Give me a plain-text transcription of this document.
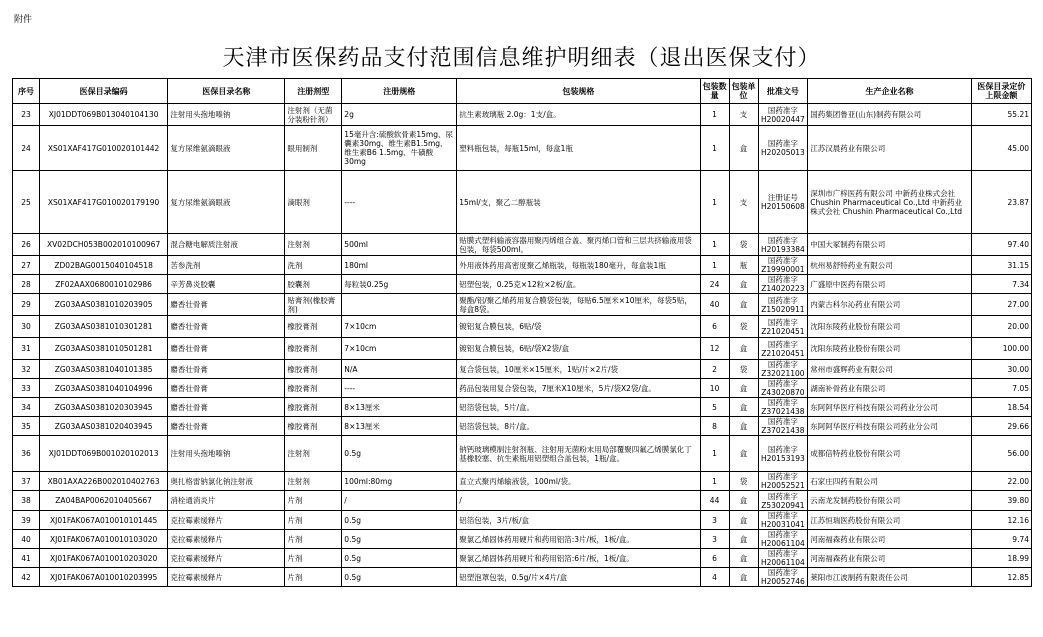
附件
天津市医保药品支付范围信息维护明细表（退出医保支付）
序号	医保目录编码	医保目录名称	注册剂型	注册规格	包装规格	包装数量	包装单位	批准文号	生产企业名称	医保目录定价上限金额
23	XJ01DDT069B013040104130	注射用头孢地嗪钠	注射剂（无菌分装粉针剂）	2g	抗生素玻璃瓶 2.0g：1支/盒。	1	支	国药准字H20020447	国药集团鲁亚(山东)制药有限公司	55.21
24	XS01XAF417G010020101442	复方尿维氨滴眼液	眼用制剂	15毫升含:硫酸软骨素15mg、尿囊素30mg、维生素B1.5mg、维生素B6 1.5mg、牛磺酸30mg	塑料瓶包装，每瓶15ml，每盒1瓶	1	盒	国药准字H20205013	江苏汉晨药业有限公司	45.00
25	XS01XAF417G010020179190	复方尿维氨滴眼液	滴眼剂	----	15ml/支，聚乙二醇瓶装	1	支	注册证号H20150608	深圳市广梓医药有限公司 中新药业株式会社 Chushin Pharmaceutical Co.,Ltd 中新药业株式会社 Chushin Pharmaceutical Co.,Ltd	23.87
26	XV02DCH053B002010100967	混合糖电解质注射液	注射剂	500ml	贴膜式塑料输液容器用聚丙烯组合盖、聚丙烯口管和三层共挤输液用袋包装，每袋500ml。	1	袋	国药准字H20193384	中国大冢制药有限公司	97.40
27	ZD02BAG0015040104518	苦参洗剂	洗剂	180ml	外用液体药用高密度聚乙烯瓶装，每瓶装180毫升，每盒装1瓶	1	瓶	国药准字Z19990001	杭州易舒特药业有限公司	31.15
28	ZF02AAX0680010102986	辛芳鼻炎胶囊	胶囊剂	每粒装0.25g	铝塑包装，0.25克×12粒×2板/盒。	24	盒	国药准字Z14020223	广盛原中医药有限公司	7.34
29	ZG03AAS0381010203905	麝香壮骨膏	贴膏剂(橡胶膏剂)		聚酯/铝/聚乙烯药用复合膜袋包装，每贴6.5厘米×10厘米，每袋5贴，每盒8袋。	40	盒	国药准字Z15020911	内蒙古科尔沁药业有限公司	27.00
30	ZG03AAS0381010301281	麝香壮骨膏	橡胶膏剂	7×10cm	镀铝复合膜包装，6贴/袋	6	袋	国药准字Z21020451	沈阳东陵药业股份有限公司	20.00
31	ZG03AAS0381010501281	麝香壮骨膏	橡胶膏剂	7×10cm	镀铝复合膜包装，6贴/袋X2袋/盒	12	盒	国药准字Z21020451	沈阳东陵药业股份有限公司	100.00
32	ZG03AAS0381040101385	麝香壮骨膏	橡胶膏剂	N/A	复合袋包装，10厘米×15厘米，1贴/片×2片/袋	2	袋	国药准字Z32021100	常州市盛辉药业有限公司	30.00
33	ZG03AAS0381040104996	麝香壮骨膏	橡胶膏剂	----	药品包装用复合袋包装，7厘米X10厘米，5片/袋X2袋/盒。	10	盒	国药准字Z43020870	湖南补骨药业有限公司	7.05
34	ZG03AAS0381020303945	麝香壮骨膏	橡胶膏剂	8×13厘米	铝箔袋包装，5片/盒。	5	盒	国药准字Z37021438	东阿阿华医疗科技有限公司药业分公司	18.54
35	ZG03AAS0381020403945	麝香壮骨膏	橡胶膏剂	8×13厘米	铝箔袋包装，8片/盒。	8	盒	国药准字Z37021438	东阿阿华医疗科技有限公司药业分公司	29.66
36	XJ01DDT069B001020102013	注射用头孢地嗪钠	注射剂	0.5g	钠钙玻璃模制注射剂瓶、注射用无菌粉末用局部覆聚四氟乙烯膜氯化丁基橡胶塞、抗生素瓶用铝塑组合盖包装，1瓶/盒。	1	盒	国药准字H20153193	成都倍特药业股份有限公司	56.00
37	XB01AXA226B002010402763	奥扎格雷钠氯化钠注射液	注射剂	100ml:80mg	直立式聚丙烯输液袋，100ml/袋。	1	袋	国药准字H20052521	石家庄四药有限公司	22.00
38	ZA04BAP0062010405667	消栓通消炎片	片剂	/	/	44	盒	国药准字Z53020941	云南龙发制药股份有限公司	39.80
39	XJ01FAK067A010010101445	克拉霉素缓释片	片剂	0.5g	铝箔包装，3片/板/盒	3	盒	国药准字H20031041	江苏恒瑞医药股份有限公司	12.16
40	XJ01FAK067A010010103020	克拉霉素缓释片	片剂	0.5g	聚氯乙烯固体药用硬片和药用铝箔:3片/板，1板/盒。	3	盒	国药准字H20061104	河南福森药业有限公司	9.74
41	XJ01FAK067A010010203020	克拉霉素缓释片	片剂	0.5g	聚氯乙烯固体药用硬片和药用铝箔:6片/板，1板/盒。	6	盒	国药准字H20061104	河南福森药业有限公司	18.99
42	XJ01FAK067A010010203995	克拉霉素缓释片	片剂	0.5g	铝塑泡罩包装，0.5g/片×4片/盒	4	盒	国药准字H20052746	莱阳市江波制药有限责任公司	12.85
